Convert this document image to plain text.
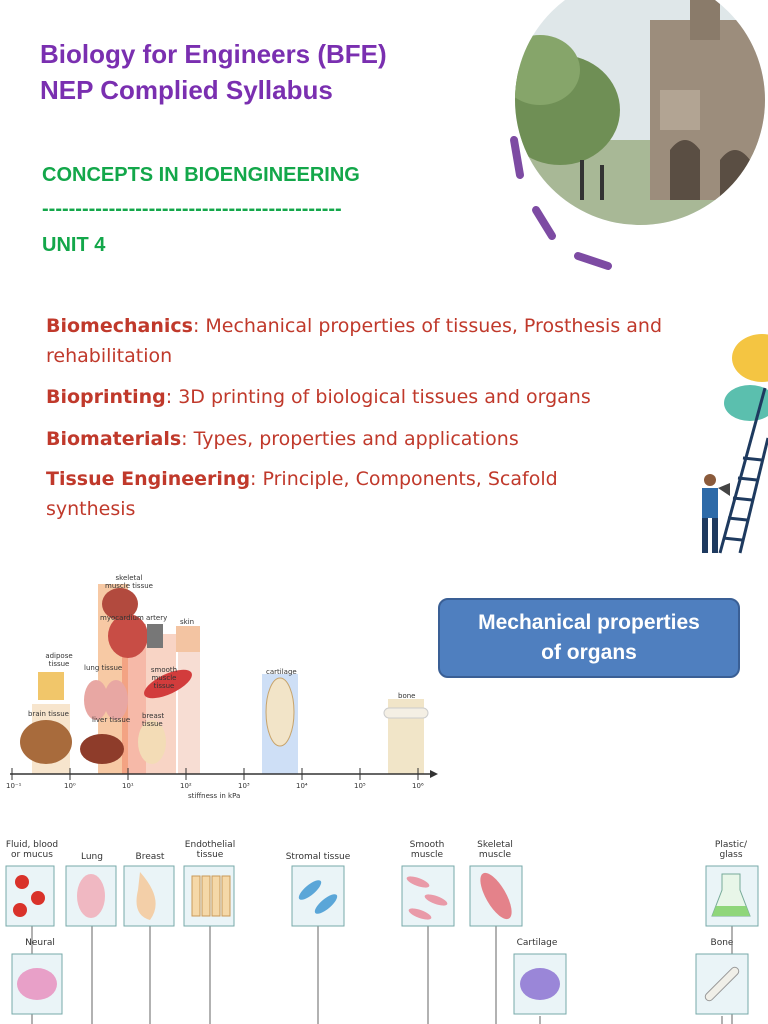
Biology for Engineers (BFE)
NEP Complied Syllabus
CONCEPTS IN BIOENGINEERING
---------------------------------------------
UNIT 4
Biomechanics: Mechanical properties of tissues, Prosthesis and rehabilitation
Bioprinting: 3D printing of biological tissues and organs
Biomaterials: Types, properties and applications
Tissue Engineering: Principle, Components, Scafold synthesis
skeletal muscle tissue
artery skin
myocardium
adipose tissue	lung tissue	smooth muscle tissue
cartilage
bone
brain tissue
liver tissue breast tissue
10⁻¹	10⁰	10¹	10²	10³	10⁴	10⁵	10⁶
stiffness in kPa
Mechanical properties
of organs
Fluid, blood or mucus	Lung	Breast
Endothelial tissue	Stromal tissue
Smooth muscle
Skeletal muscle
Plastic/ glass
Neural	Cartilage	Bone
